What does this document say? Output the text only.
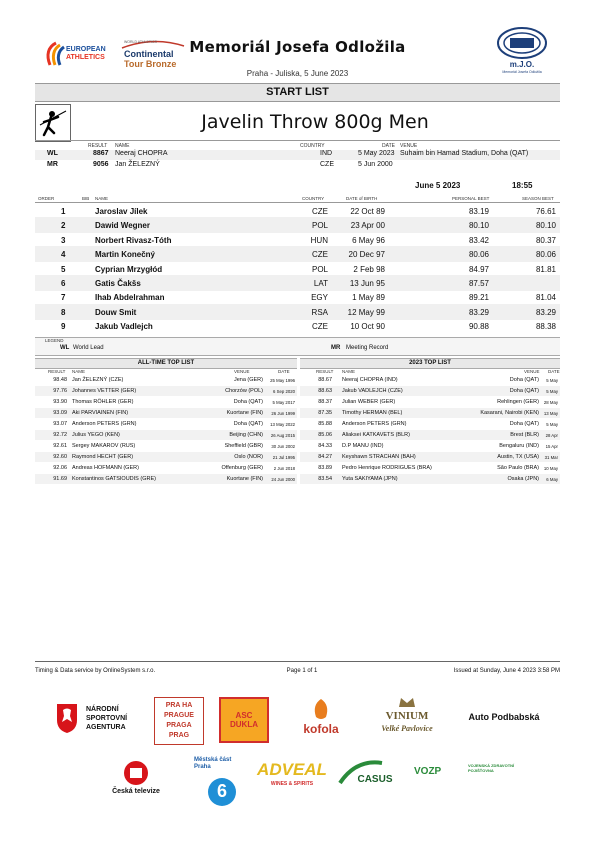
EUROPEAN
ATHLETICS
WORLD ATHLETICS
Continental
Tour Bronze
Memoriál Josefa Odložila
Praha - Juliska, 5 June 2023
m.J.O.
Memoriál Josefa Odložila
START LIST
Javelin Throw 800g Men
RESULT NAME	COUNTRY	DATE VENUE
WL	8867 Neeraj CHOPRA	IND	5 May 2023 Suhaim bin Hamad Stadium, Doha (QAT)
MR	9056 Jan ŽELEZNÝ	CZE	5 Jun 2000
June 5 2023	18:55
ORDER	BIB NAME	COUNTRY	DATE of BIRTH	PERSONAL BEST	SEASON BEST
1	Jaroslav Jílek	CZE	22 Oct 89	83.19	76.61
2	Dawid Wegner	POL	23 Apr 00	80.10	80.10
3	Norbert Rivasz-Tóth	HUN	6 May 96	83.42	80.37
4	Martin Konečný	CZE	20 Dec 97	80.06	80.06
5	Cyprian Mrzygłód	POL	2 Feb 98	84.97	81.81
6	Gatis Čakšs	LAT	13 Jun 95	87.57
7	Ihab Abdelrahman	EGY	1 May 89	89.21	81.04
8	Douw Smit	RSA	12 May 99	83.29	83.29
9	Jakub Vadlejch	CZE	10 Oct 90	90.88	88.38
LEGEND
WL World Lead	MR Meeting Record
ALL-TIME TOP LIST	2023 TOP LIST
RESULT NAME	VENUE	DATE	RESULT NAME	VENUE DATE
98.48 Jan ŽELEZNÝ (CZE)	Jena (GER)	25 May 1996
97.76 Johannes VETTER (GER)	Chorzów (POL)	6 Sep 2020
93.90 Thomas RÖHLER (GER)	Doha (QAT)	5 May 2017
93.09 Aki PARVIAINEN (FIN)	Kuortane (FIN)	26 Jun 1999
93.07 Anderson PETERS (GRN)	Doha (QAT)	13 May 2022
92.72 Julius YEGO (KEN)	Beijing (CHN)	26 Aug 2015
92.61 Sergey MAKAROV (RUS)	Sheffield (GBR)	30 Jun 2002
92.60 Raymond HECHT (GER)	Oslo (NOR)	21 Jul 1995
92.06 Andreas HOFMANN (GER)	Offenburg (GER)	2 Jun 2018
91.69 Konstantinos GATSIOUDIS (GRE)	Kuortane (FIN)	24 Jun 2000
88.67 Neeraj CHOPRA (IND)	Doha (QAT)	5 May
88.63 Jakub VADLEJCH (CZE)	Doha (QAT)	5 May
88.37 Julian WEBER (GER)	Rehlingen (GER)	28 May
87.35 Timothy HERMAN (BEL)	Kasarani, Nairobi (KEN)	13 May
85.88 Anderson PETERS (GRN)	Doha (QAT)	5 May
85.06 Aliaksei KATKAVETS (BLR)	Brest (BLR)	28 Apr
84.33 D.P MANU (IND)	Bengaluru (IND)	15 Apr
84.27 Keyshawn STRACHAN (BAH)	Austin, TX (USA)	31 Mar
83.89 Pedro Henrique RODRIGUES (BRA)	São Paulo (BRA)	10 May
83.54 Yuta SAKIYAMA (JPN)	Osaka (JPN)	6 May
Timing & Data service by OnlineSystem s.r.o.	Page 1 of 1	Issued at Sunday, June 4 2023 3:58 PM
NÁRODNÍ SPORTOVNÍ AGENTURA
PRA HA PRAGUE PRAGA PRAG
ASC DUKLA	kofola
VINIUM
Velké Pavlovice
Auto Podbabská
Česká televize
Městská část Praha
6
ADVEAL
WINES & SPIRITS	CASUS
VOZP
VOJENSKÁ ZDRAVOTNÍ POJIŠŤOVNA
